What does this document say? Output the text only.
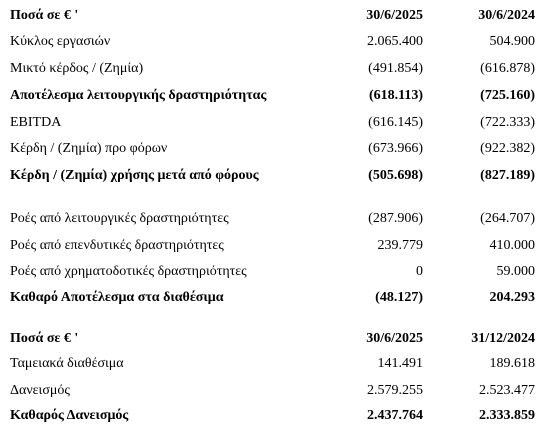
Ποσά σε € '	30/6/2025	30/6/2024
Κύκλος εργασιών	2.065.400	504.900
Μικτό κέρδος / (Ζημία)	(491.854)	(616.878)
Αποτέλεσμα λειτουργικής δραστηριότητας	(618.113)	(725.160)
EBITDA	(616.145)	(722.333)
Κέρδη / (Ζημία) προ φόρων	(673.966)	(922.382)
Κέρδη / (Ζημία) χρήσης μετά από φόρους	(505.698)	(827.189)
Ροές από λειτουργικές δραστηριότητες	(287.906)	(264.707)
Ροές από επενδυτικές δραστηριότητες	239.779	410.000
Ροές από χρηματοδοτικές δραστηριότητες	0	59.000
Καθαρό Αποτέλεσμα στα διαθέσιμα	(48.127)	204.293
Ποσά σε € '	30/6/2025	31/12/2024
Ταμειακά διαθέσιμα	141.491	189.618
Δανεισμός	2.579.255	2.523.477
Καθαρός Δανεισμός	2.437.764	2.333.859
